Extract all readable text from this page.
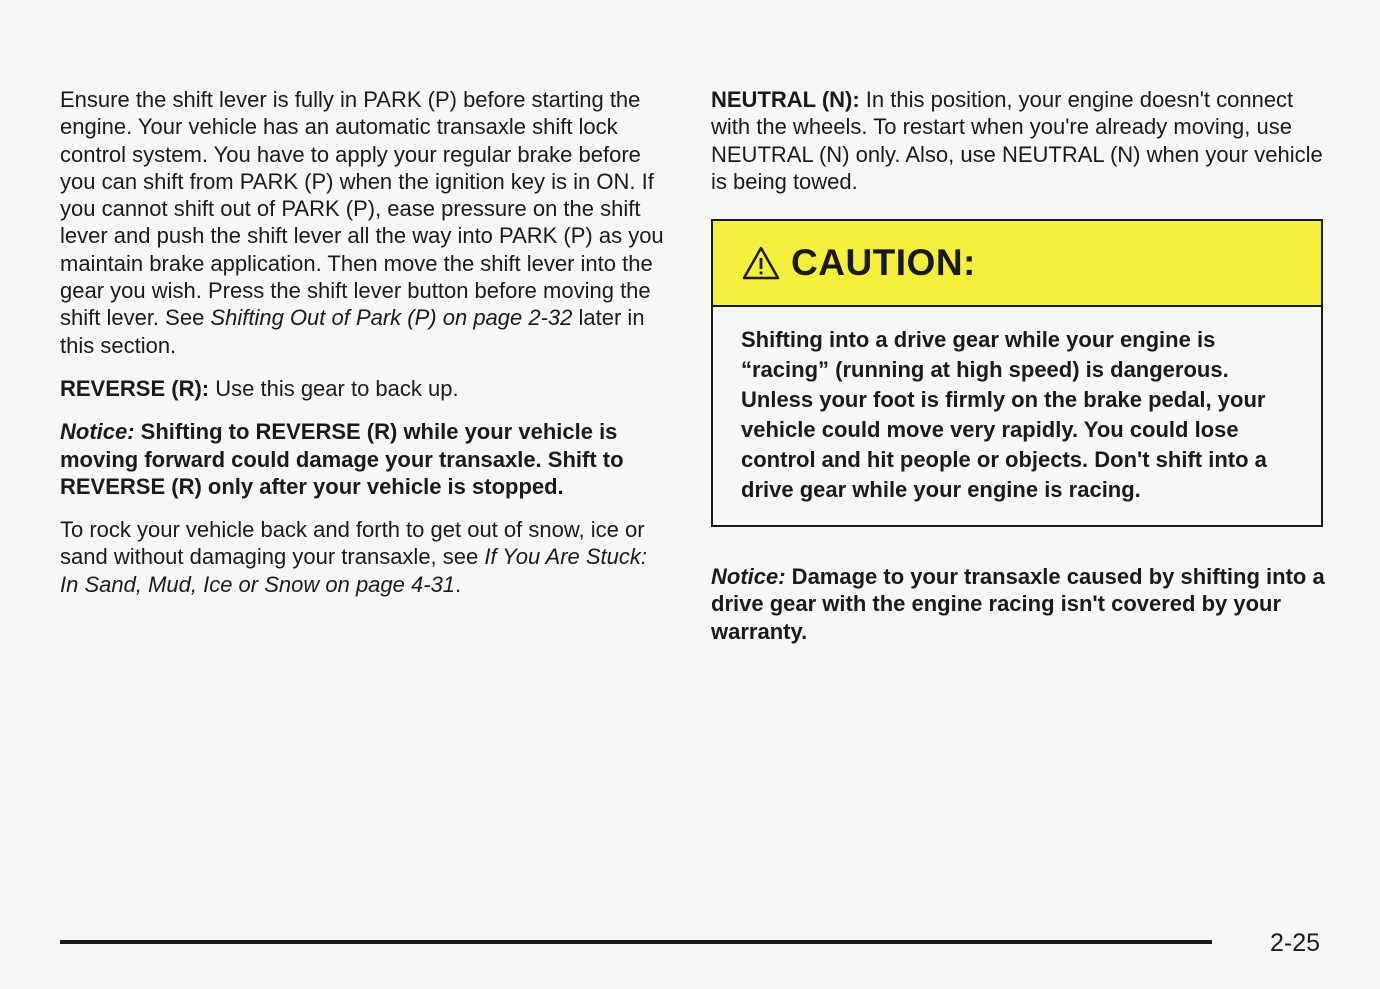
Ensure the shift lever is fully in PARK (P) before starting the engine. Your vehicle has an automatic transaxle shift lock control system. You have to apply your regular brake before you can shift from PARK (P) when the ignition key is in ON. If you cannot shift out of PARK (P), ease pressure on the shift lever and push the shift lever all the way into PARK (P) as you maintain brake application. Then move the shift lever into the gear you wish. Press the shift lever button before moving the shift lever. See Shifting Out of Park (P) on page 2-32 later in this section.

REVERSE (R): Use this gear to back up.

Notice: Shifting to REVERSE (R) while your vehicle is moving forward could damage your transaxle. Shift to REVERSE (R) only after your vehicle is stopped.

To rock your vehicle back and forth to get out of snow, ice or sand without damaging your transaxle, see If You Are Stuck: In Sand, Mud, Ice or Snow on page 4-31.

NEUTRAL (N): In this position, your engine doesn't connect with the wheels. To restart when you're already moving, use NEUTRAL (N) only. Also, use NEUTRAL (N) when your vehicle is being towed.

CAUTION:
Shifting into a drive gear while your engine is “racing” (running at high speed) is dangerous. Unless your foot is firmly on the brake pedal, your vehicle could move very rapidly. You could lose control and hit people or objects. Don't shift into a drive gear while your engine is racing.

Notice: Damage to your transaxle caused by shifting into a drive gear with the engine racing isn't covered by your warranty.

2-25
